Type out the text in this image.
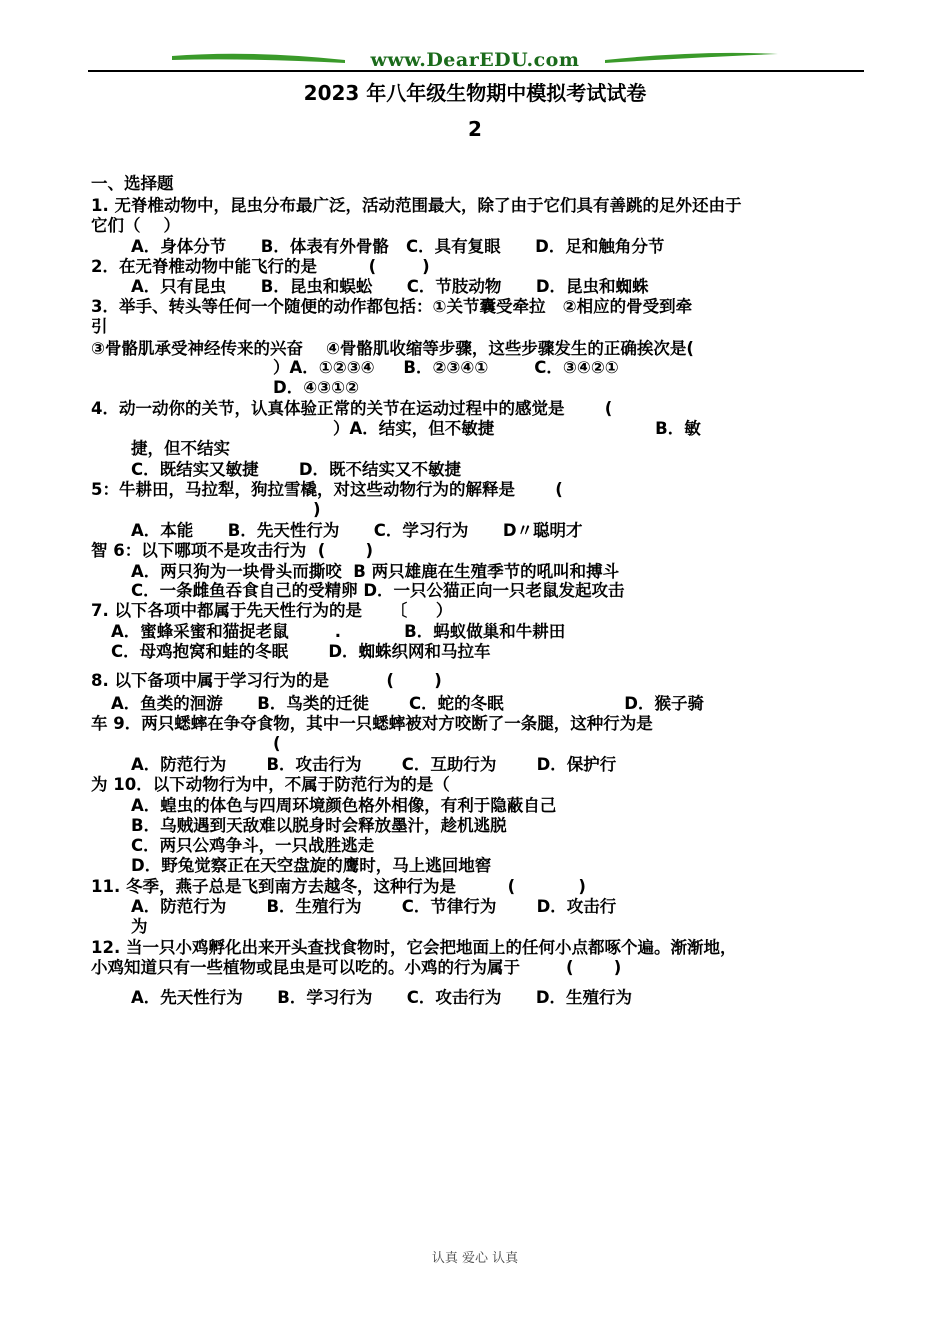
www.DearEDU.com
2023 年八年级生物期中模拟考试试卷
2
一、选择题
1. 无脊椎动物中，昆虫分布最广泛，活动范围最大，除了由于它们具有善跳的足外还由于
它们（    ）
A．身体分节      B．体表有外骨骼   C．具有复眼      D．足和触角分节
2．在无脊椎动物中能飞行的是         (        )
A．只有昆虫      B．昆虫和蜈蚣      C．节肢动物      D．昆虫和蜘蛛
3．举手、转头等任何一个随便的动作都包括：①关节囊受牵拉   ②相应的骨受到牵
引
③骨骼肌承受神经传来的兴奋    ④骨骼肌收缩等步骤，这些步骤发生的正确挨次是(
）A．①②③④     B．②③④①        C．③④②①
D．④③①②
4．动一动你的关节，认真体验正常的关节在运动过程中的感觉是       (
）A．结实，但不敏捷                            B．敏
捷，但不结实
C．既结实又敏捷       D．既不结实又不敏捷
5：牛耕田，马拉犁，狗拉雪橇，对这些动物行为的解释是       (
)
A．本能      B．先天性行为      C．学习行为      D〃聪明才
智 6：以下哪项不是攻击行为  (       )
A．两只狗为一块骨头而撕咬  B 两只雄鹿在生殖季节的吼叫和搏斗
C．一条雌鱼吞食自己的受精卵 D．一只公猫正向一只老鼠发起攻击
7. 以下各项中都属于先天性行为的是     〔     ）
A．蜜蜂采蜜和猫捉老鼠        .           B．蚂蚁做巢和牛耕田
C．母鸡抱窝和蛙的冬眠       D．蜘蛛织网和马拉车
8. 以下备项中属于学习行为的是          (       )
A．鱼类的洄游      B．鸟类的迁徙       C．蛇的冬眠                     D．猴子骑
车 9．两只蟋蟀在争夺食物，其中一只蟋蟀被对方咬断了一条腿，这种行为是
(
A．防范行为       B．攻击行为       C．互助行为       D．保护行
为 10．以下动物行为中，不属于防范行为的是（
A．蝗虫的体色与四周环境颜色格外相像，有利于隐蔽自己
B．乌贼遇到天敌难以脱身时会释放墨汁，趁机逃脱
C．两只公鸡争斗，一只战胜逃走
D．野兔觉察正在天空盘旋的鹰时，马上逃回地窖
11. 冬季，燕子总是飞到南方去越冬，这种行为是         (           )
A．防范行为       B．生殖行为       C．节律行为       D．攻击行
为
12. 当一只小鸡孵化出来开头查找食物时，它会把地面上的任何小点都啄个遍。渐渐地，
小鸡知道只有一些植物或昆虫是可以吃的。小鸡的行为属于        (       )
A．先天性行为      B．学习行为      C．攻击行为      D．生殖行为
认真 爱心 认真
